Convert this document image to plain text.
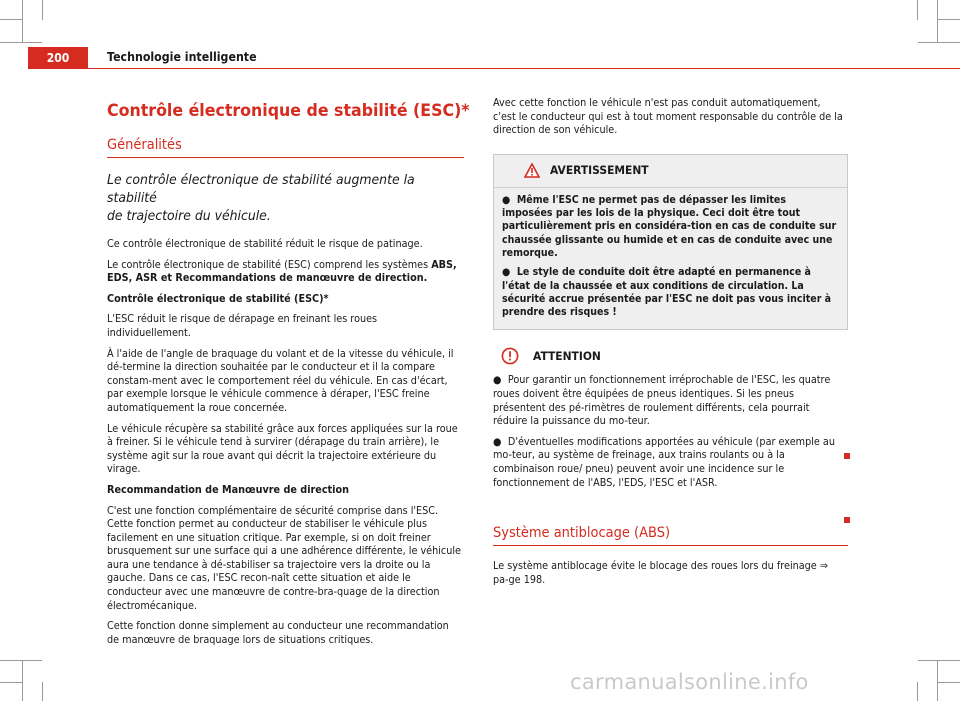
200	Technologie intelligente
Contrôle électronique de stabilité (ESC)*
Généralités
Le contrôle électronique de stabilité augmente la stabilité
de trajectoire du véhicule.

Ce contrôle électronique de stabilité réduit le risque de patinage.

Le contrôle électronique de stabilité (ESC) comprend les systèmes ABS, EDS, ASR et Recommandations de manœuvre de direction.

Contrôle électronique de stabilité (ESC)*

L'ESC réduit le risque de dérapage en freinant les roues individuellement.

À l'aide de l'angle de braquage du volant et de la vitesse du véhicule, il dé-termine la direction souhaitée par le conducteur et il la compare constam-ment avec le comportement réel du véhicule. En cas d'écart, par exemple lorsque le véhicule commence à déraper, l'ESC freine automatiquement la roue concernée.

Le véhicule récupère sa stabilité grâce aux forces appliquées sur la roue à freiner. Si le véhicule tend à survirer (dérapage du train arrière), le système agit sur la roue avant qui décrit la trajectoire extérieure du virage.

Recommandation de Manœuvre de direction

C'est une fonction complémentaire de sécurité comprise dans l'ESC. Cette fonction permet au conducteur de stabiliser le véhicule plus facilement en une situation critique. Par exemple, si on doit freiner brusquement sur une surface qui a une adhérence différente, le véhicule aura une tendance à dé-stabiliser sa trajectoire vers la droite ou la gauche. Dans ce cas, l'ESC recon-naît cette situation et aide le conducteur avec une manœuvre de contre-bra-quage de la direction électromécanique.

Cette fonction donne simplement au conducteur une recommandation de manœuvre de braquage lors de situations critiques.

Avec cette fonction le véhicule n'est pas conduit automatiquement, c'est le conducteur qui est à tout moment responsable du contrôle de la direction de son véhicule.

AVERTISSEMENT

● Même l'ESC ne permet pas de dépasser les limites imposées par les lois de la physique. Ceci doit être tout particulièrement pris en considéra-tion en cas de conduite sur chaussée glissante ou humide et en cas de conduite avec une remorque.

● Le style de conduite doit être adapté en permanence à l'état de la chaussée et aux conditions de circulation. La sécurité accrue présentée par l'ESC ne doit pas vous inciter à prendre des risques !

ATTENTION

● Pour garantir un fonctionnement irréprochable de l'ESC, les quatre roues doivent être équipées de pneus identiques. Si les pneus présentent des pé-rimètres de roulement différents, cela pourrait réduire la puissance du mo-teur.

● D'éventuelles modifications apportées au véhicule (par exemple au mo-teur, au système de freinage, aux trains roulants ou à la combinaison roue/ pneu) peuvent avoir une incidence sur le fonctionnement de l'ABS, l'EDS, l'ESC et l'ASR.

Système antiblocage (ABS)

Le système antiblocage évite le blocage des roues lors du freinage ⇒ pa-ge 198.

carmanualsonline.info
